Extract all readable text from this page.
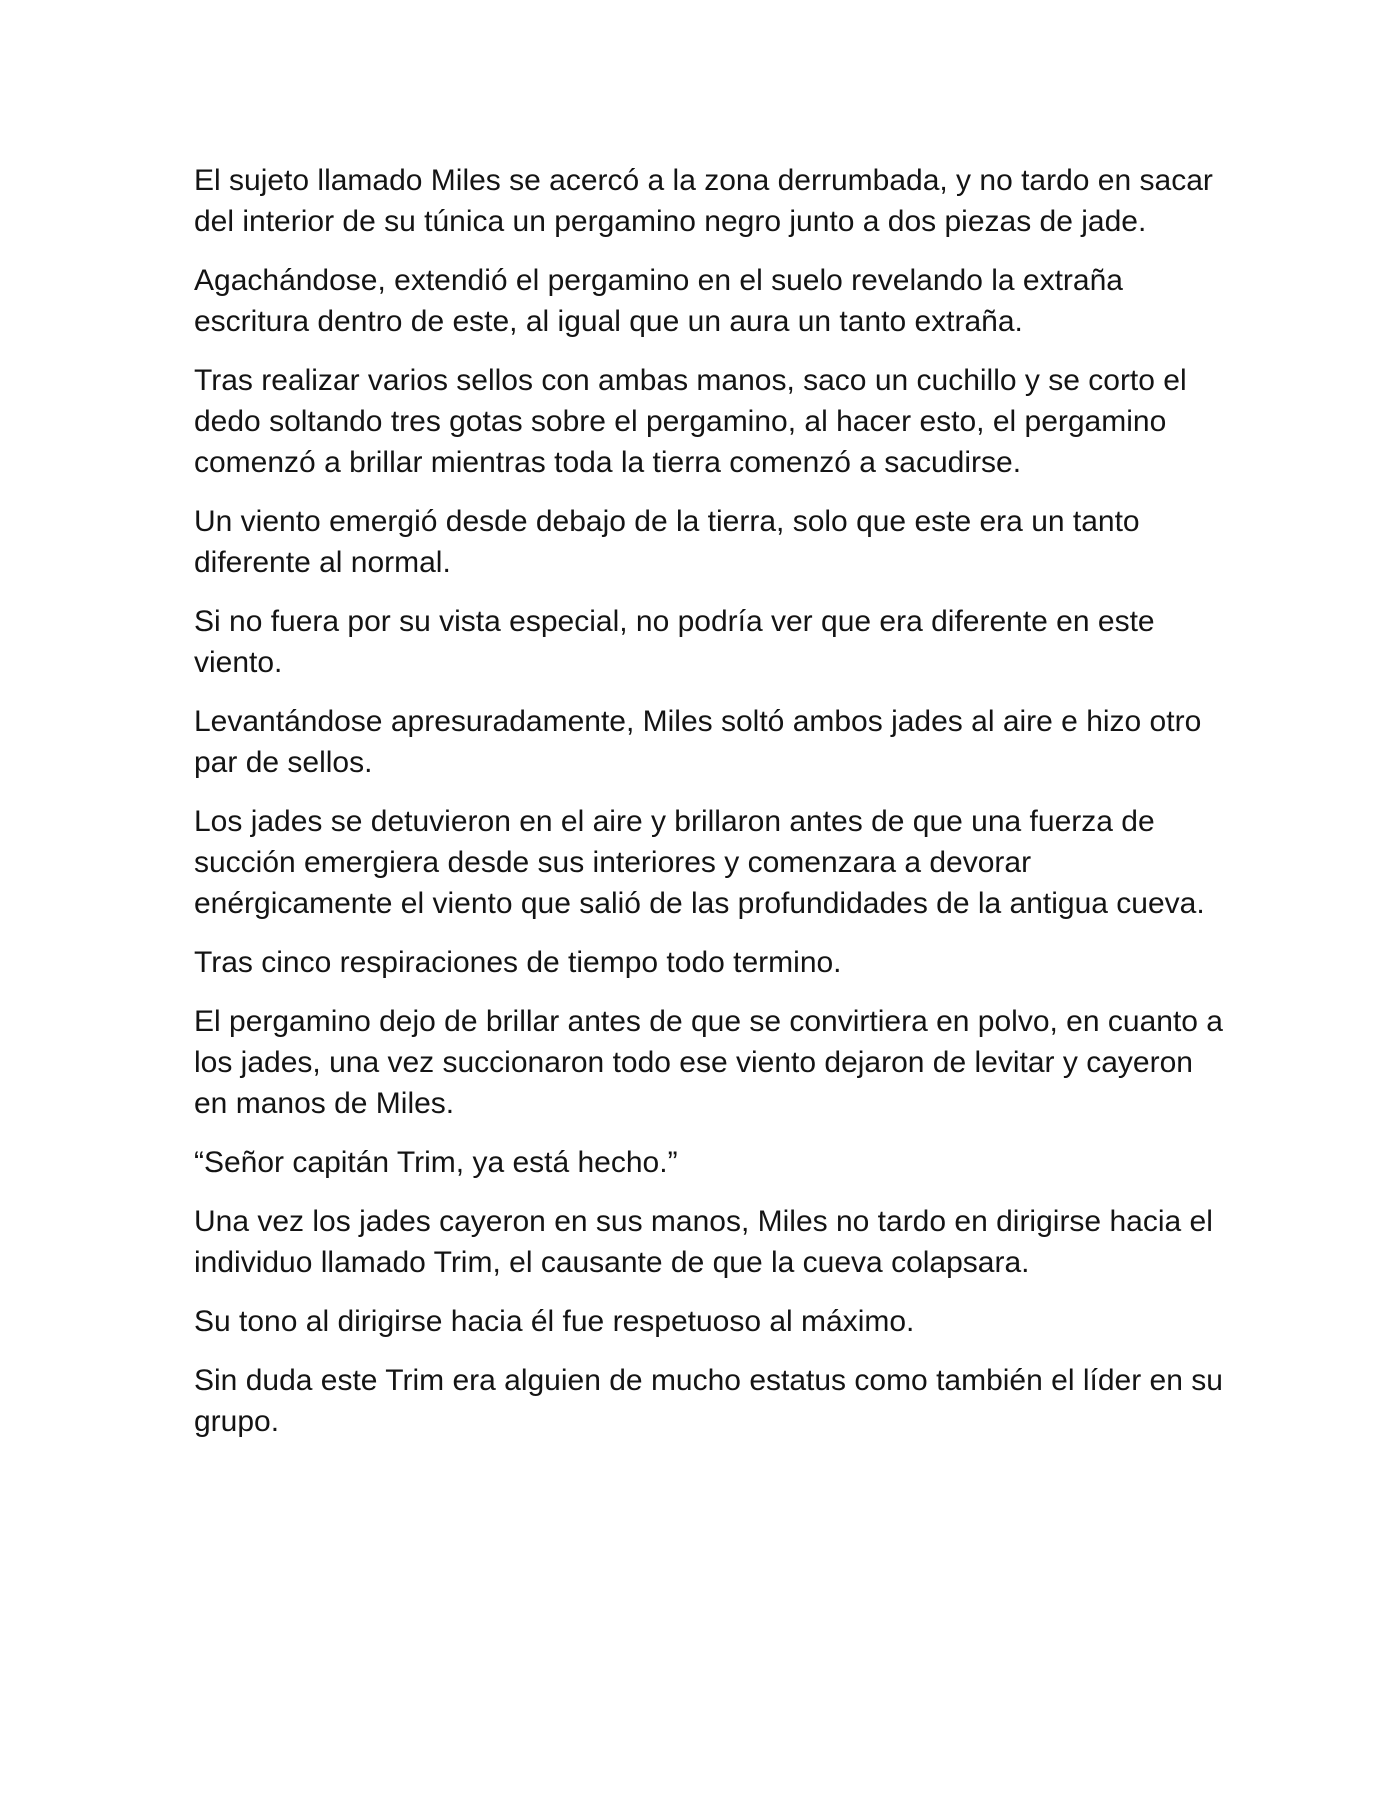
El sujeto llamado Miles se acercó a la zona derrumbada, y no tardo en sacar del interior de su túnica un pergamino negro junto a dos piezas de jade.

Agachándose, extendió el pergamino en el suelo revelando la extraña escritura dentro de este, al igual que un aura un tanto extraña.

Tras realizar varios sellos con ambas manos, saco un cuchillo y se corto el dedo soltando tres gotas sobre el pergamino, al hacer esto, el pergamino comenzó a brillar mientras toda la tierra comenzó a sacudirse.

Un viento emergió desde debajo de la tierra, solo que este era un tanto diferente al normal.

Si no fuera por su vista especial, no podría ver que era diferente en este viento.

Levantándose apresuradamente, Miles soltó ambos jades al aire e hizo otro par de sellos.

Los jades se detuvieron en el aire y brillaron antes de que una fuerza de succión emergiera desde sus interiores y comenzara a devorar enérgicamente el viento que salió de las profundidades de la antigua cueva.

Tras cinco respiraciones de tiempo todo termino.

El pergamino dejo de brillar antes de que se convirtiera en polvo, en cuanto a los jades, una vez succionaron todo ese viento dejaron de levitar y cayeron en manos de Miles.

“Señor capitán Trim, ya está hecho.”

Una vez los jades cayeron en sus manos, Miles no tardo en dirigirse hacia el individuo llamado Trim, el causante de que la cueva colapsara.

Su tono al dirigirse hacia él fue respetuoso al máximo.

Sin duda este Trim era alguien de mucho estatus como también el líder en su grupo.
